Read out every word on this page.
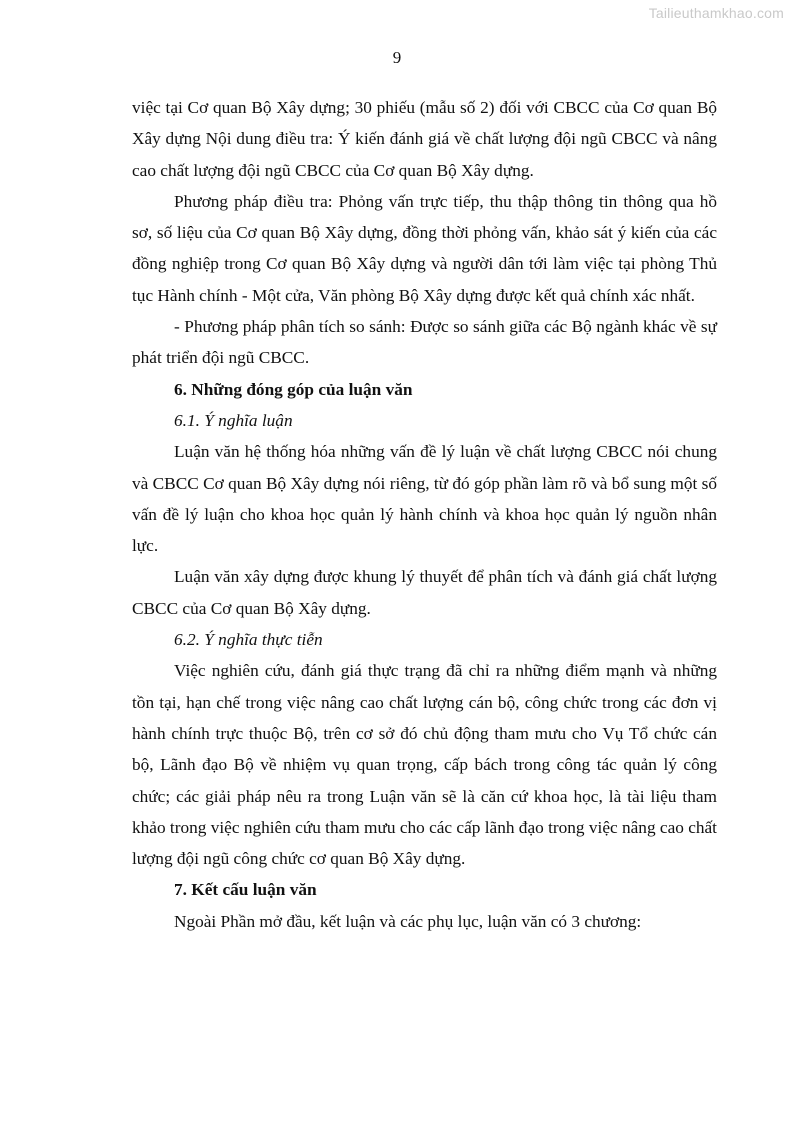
Tailieuthamkhao.com
9

việc tại Cơ quan Bộ Xây dựng; 30 phiếu (mẫu số 2) đối với CBCC của Cơ quan Bộ Xây dựng Nội dung điều tra: Ý kiến đánh giá về chất lượng đội ngũ CBCC và nâng cao chất lượng đội ngũ CBCC của Cơ quan Bộ Xây dựng.

Phương pháp điều tra: Phỏng vấn trực tiếp, thu thập thông tin thông qua hồ sơ, số liệu của Cơ quan Bộ Xây dựng, đồng thời phỏng vấn, khảo sát ý kiến của các đồng nghiệp trong Cơ quan Bộ Xây dựng và người dân tới làm việc tại phòng Thủ tục Hành chính - Một cửa, Văn phòng Bộ Xây dựng được kết quả chính xác nhất.

- Phương pháp phân tích so sánh: Được so sánh giữa các Bộ ngành khác về sự phát triển đội ngũ CBCC.

6. Những đóng góp của luận văn
6.1. Ý nghĩa luận

Luận văn hệ thống hóa những vấn đề lý luận về chất lượng CBCC nói chung và CBCC Cơ quan Bộ Xây dựng nói riêng, từ đó góp phần làm rõ và bổ sung một số vấn đề lý luận cho khoa học quản lý hành chính và khoa học quản lý nguồn nhân lực.

Luận văn xây dựng được khung lý thuyết để phân tích và đánh giá chất lượng CBCC của Cơ quan Bộ Xây dựng.

6.2. Ý nghĩa thực tiễn

Việc nghiên cứu, đánh giá thực trạng đã chỉ ra những điểm mạnh và những tồn tại, hạn chế trong việc nâng cao chất lượng cán bộ, công chức trong các đơn vị hành chính trực thuộc Bộ, trên cơ sở đó chủ động tham mưu cho Vụ Tổ chức cán bộ, Lãnh đạo Bộ về nhiệm vụ quan trọng, cấp bách trong công tác quản lý công chức; các giải pháp nêu ra trong Luận văn sẽ là căn cứ khoa học, là tài liệu tham khảo trong việc nghiên cứu tham mưu cho các cấp lãnh đạo trong việc nâng cao chất lượng đội ngũ công chức cơ quan Bộ Xây dựng.

7. Kết cấu luận văn

Ngoài Phần mở đầu, kết luận và các phụ lục, luận văn có 3 chương:
